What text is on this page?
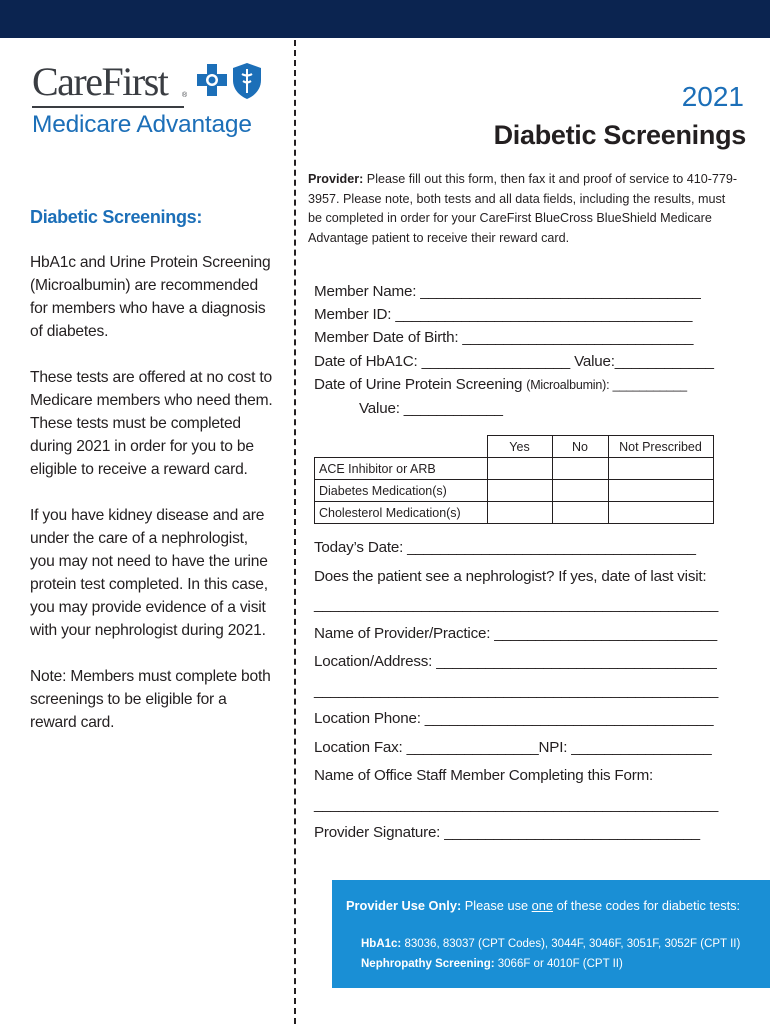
CareFirst ®
Medicare Advantage
Diabetic Screenings:

HbA1c and Urine Protein Screening (Microalbumin) are recommended for members who have a diagnosis of diabetes.

These tests are offered at no cost to Medicare members who need them. These tests must be completed during 2021 in order for you to be eligible to receive a reward card.

If you have kidney disease and are under the care of a nephrologist, you may not need to have the urine protein test completed. In this case, you may provide evidence of a visit with your nephrologist during 2021.

Note: Members must complete both screenings to be eligible for a reward card.

2021
Diabetic Screenings
Provider: Please fill out this form, then fax it and proof of service to 410-779-3957. Please note, both tests and all data fields, including the results, must be completed in order for your CareFirst BlueCross BlueShield Medicare Advantage patient to receive their reward card.
Member Name: __________________________________
Member ID: ____________________________________
Member Date of Birth: ____________________________
Date of HbA1C: __________________ Value:____________
Date of Urine Protein Screening (Microalbumin): ___________
Value: ____________
	Yes	No	Not Prescribed
ACE Inhibitor or ARB			
Diabetes Medication(s)			
Cholesterol Medication(s)			
Today’s Date: ___________________________________
Does the patient see a nephrologist? If yes, date of last visit:
_________________________________________________
Name of Provider/Practice: ___________________________
Location/Address: __________________________________
_________________________________________________
Location Phone: ___________________________________
Location Fax: ________________NPI: _________________
Name of Office Staff Member Completing this Form:
_________________________________________________
Provider Signature: _______________________________
Provider Use Only: Please use one of these codes for diabetic tests:
HbA1c: 83036, 83037 (CPT Codes), 3044F, 3046F, 3051F, 3052F (CPT II)
Nephropathy Screening: 3066F or 4010F (CPT II)
